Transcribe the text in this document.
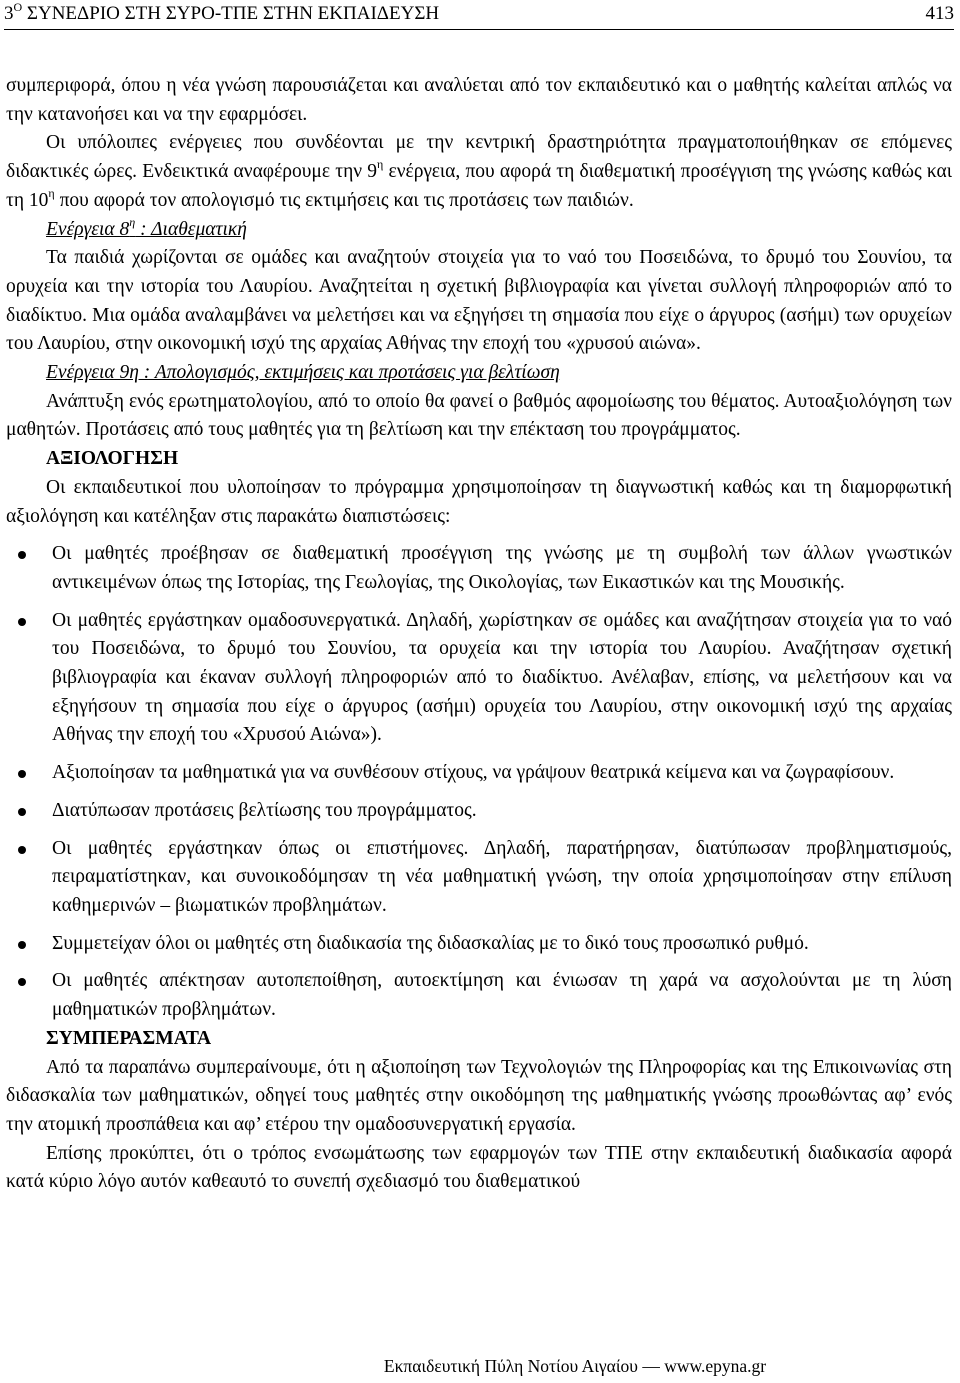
$3^O$ ΣΥΝΕΔΡΙΟ ΣΤΗ ΣΥΡΟ-ΤΠΕ ΣΤΗΝ ΕΚΠΑΙΔΕΥΣΗ	413

συμπεριφορά, όπου η νέα γνώση παρουσιάζεται και αναλύεται από τον εκπαιδευτικό και ο μαθητής καλείται απλώς να την κατανοήσει και να την εφαρμόσει.

Οι υπόλοιπες ενέργειες που συνδέονται με την κεντρική δραστηριότητα πραγματοποιήθηκαν σε επόμενες διδακτικές ώρες. Ενδεικτικά αναφέρουμε την $9^\eta$ ενέργεια, που αφορά τη διαθεματική προσέγγιση της γνώσης καθώς και τη $10^\eta$ που αφορά τον απολογισμό τις εκτιμήσεις και τις προτάσεις των παιδιών.

Ενέργεια $8^\eta$ : Διαθεματική

Τα παιδιά χωρίζονται σε ομάδες και αναζητούν στοιχεία για το ναό του Ποσειδώνα, το δρυμό του Σουνίου, τα ορυχεία και την ιστορία του Λαυρίου. Αναζητείται η σχετική βιβλιογραφία και γίνεται συλλογή πληροφοριών από το διαδίκτυο. Μια ομάδα αναλαμβάνει να μελετήσει και να εξηγήσει τη σημασία που είχε ο άργυρος (ασήμι) των ορυχείων του Λαυρίου, στην οικονομική ισχύ της αρχαίας Αθήνας την εποχή του «χρυσού αιώνα».

Ενέργεια 9η : Απολογισμός, εκτιμήσεις και προτάσεις για βελτίωση

Ανάπτυξη ενός ερωτηματολογίου, από το οποίο θα φανεί ο βαθμός αφομοίωσης του θέματος. Αυτοαξιολόγηση των μαθητών. Προτάσεις από τους μαθητές για τη βελτίωση και την επέκταση του προγράμματος.

ΑΞΙΟΛΟΓΗΣΗ

Οι εκπαιδευτικοί που υλοποίησαν το πρόγραμμα χρησιμοποίησαν τη διαγνωστική καθώς και τη διαμορφωτική αξιολόγηση και κατέληξαν στις παρακάτω διαπιστώσεις:

Οι μαθητές προέβησαν σε διαθεματική προσέγγιση της γνώσης με τη συμβολή των άλλων γνωστικών αντικειμένων όπως της Ιστορίας, της Γεωλογίας, της Οικολογίας, των Εικαστικών και της Μουσικής.
Οι μαθητές εργάστηκαν ομαδοσυνεργατικά. Δηλαδή, χωρίστηκαν σε ομάδες και αναζήτησαν στοιχεία για το ναό του Ποσειδώνα, το δρυμό του Σουνίου, τα ορυχεία και την ιστορία του Λαυρίου. Αναζήτησαν σχετική βιβλιογραφία και έκαναν συλλογή πληροφοριών από το διαδίκτυο. Ανέλαβαν, επίσης, να μελετήσουν και να εξηγήσουν τη σημασία που είχε ο άργυρος (ασήμι) ορυχεία του Λαυρίου, στην οικονομική ισχύ της αρχαίας Αθήνας την εποχή του «Χρυσού Αιώνα»).
Αξιοποίησαν τα μαθηματικά για να συνθέσουν στίχους, να γράψουν θεατρικά κείμενα και να ζωγραφίσουν.
Διατύπωσαν προτάσεις βελτίωσης του προγράμματος.
Οι μαθητές εργάστηκαν όπως οι επιστήμονες. Δηλαδή, παρατήρησαν, διατύπωσαν προβληματισμούς, πειραματίστηκαν, και συνοικοδόμησαν τη νέα μαθηματική γνώση, την οποία χρησιμοποίησαν στην επίλυση καθημερινών – βιωματικών προβλημάτων.
Συμμετείχαν όλοι οι μαθητές στη διαδικασία της διδασκαλίας με το δικό τους προσωπικό ρυθμό.
Οι μαθητές απέκτησαν αυτοπεποίθηση, αυτοεκτίμηση και ένιωσαν τη χαρά να ασχολούνται με τη λύση μαθηματικών προβλημάτων.

ΣΥΜΠΕΡΑΣΜΑΤΑ

Από τα παραπάνω συμπεραίνουμε, ότι η αξιοποίηση των Τεχνολογιών της Πληροφορίας και της Επικοινωνίας στη διδασκαλία των μαθηματικών, οδηγεί τους μαθητές στην οικοδόμηση της μαθηματικής γνώσης προωθώντας αφ’ ενός την ατομική προσπάθεια και αφ’ ετέρου την ομαδοσυνεργατική εργασία.

Επίσης προκύπτει, ότι ο τρόπος ενσωμάτωσης των εφαρμογών των ΤΠΕ στην εκπαιδευτική διαδικασία αφορά κατά κύριο λόγο αυτόν καθεαυτό το συνεπή σχεδιασμό του διαθεματικού

Εκπαιδευτική Πύλη Νοτίου Αιγαίου — www.epyna.gr
